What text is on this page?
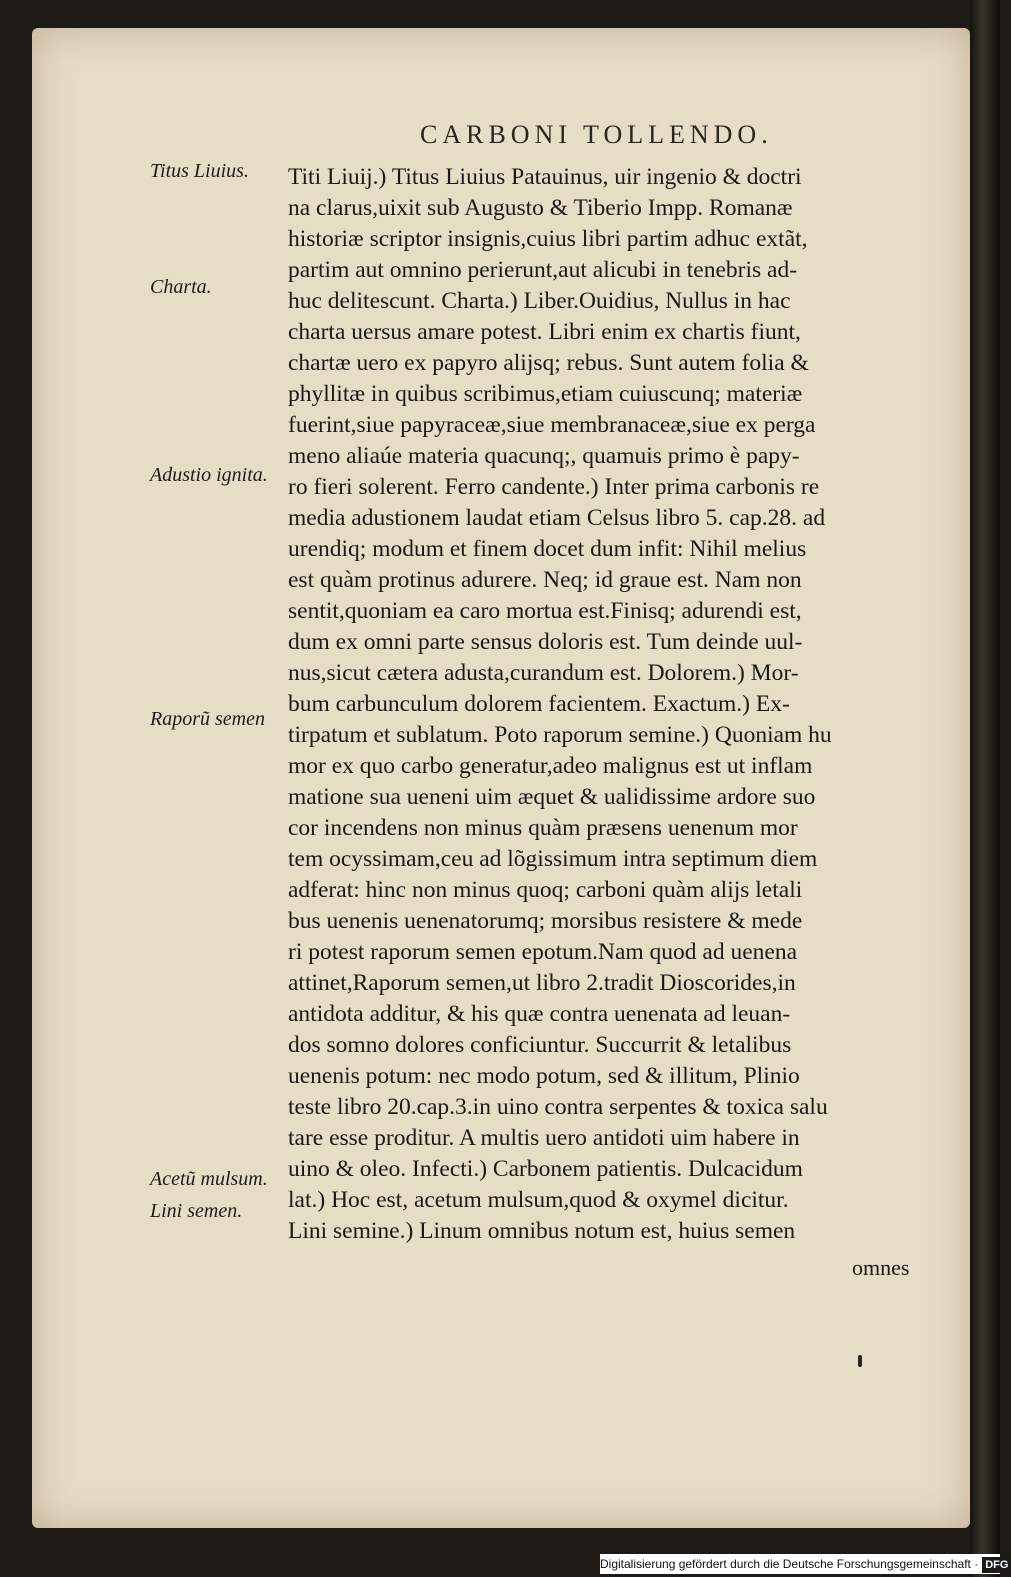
CARBONI TOLLENDO.
Titus Liuius.
Charta.
Adustio ignita.
Raporũ semen
Acetũ mulsum.
Lini semen.
Titi Liuij.) Titus Liuius Patauinus, uir ingenio & doctri
na clarus,uixit sub Augusto & Tiberio Impp. Romanæ
historiæ scriptor insignis,cuius libri partim adhuc extãt,
partim aut omnino perierunt,aut alicubi in tenebris ad-
huc delitescunt. Charta.) Liber.Ouidius, Nullus in hac
charta uersus amare potest. Libri enim ex chartis fiunt,
chartæ uero ex papyro alijsq; rebus. Sunt autem folia &
phyllitæ in quibus scribimus,etiam cuiuscunq; materiæ
fuerint,siue papyraceæ,siue membranaceæ,siue ex perga
meno aliaúe materia quacunq;, quamuis primo è papy-
ro fieri solerent. Ferro candente.) Inter prima carbonis re
media adustionem laudat etiam Celsus libro 5. cap.28. ad
urendiq; modum et finem docet dum infit: Nihil melius
est quàm protinus adurere. Neq; id graue est. Nam non
sentit,quoniam ea caro mortua est.Finisq; adurendi est,
dum ex omni parte sensus doloris est. Tum deinde uul-
nus,sicut cætera adusta,curandum est. Dolorem.) Mor-
bum carbunculum dolorem facientem. Exactum.) Ex-
tirpatum et sublatum. Poto raporum semine.) Quoniam hu
mor ex quo carbo generatur,adeo malignus est ut inflam
matione sua ueneni uim æquet & ualidissime ardore suo
cor incendens non minus quàm præsens uenenum mor
tem ocyssimam,ceu ad lõgissimum intra septimum diem
adferat: hinc non minus quoq; carboni quàm alijs letali
bus uenenis uenenatorumq; morsibus resistere & mede
ri potest raporum semen epotum.Nam quod ad uenena
attinet,Raporum semen,ut libro 2.tradit Dioscorides,in
antidota additur, & his quæ contra uenenata ad leuan-
dos somno dolores conficiuntur. Succurrit & letalibus
uenenis potum: nec modo potum, sed & illitum, Plinio
teste libro 20.cap.3.in uino contra serpentes & toxica salu
tare esse proditur. A multis uero antidoti uim habere in
uino & oleo. Infecti.) Carbonem patientis. Dulcacidum
lat.) Hoc est, acetum mulsum,quod & oxymel dicitur.
Lini semine.) Linum omnibus notum est, huius semen
omnes
Digitalisierung gefördert durch die Deutsche Forschungsgemeinschaft · DFG
